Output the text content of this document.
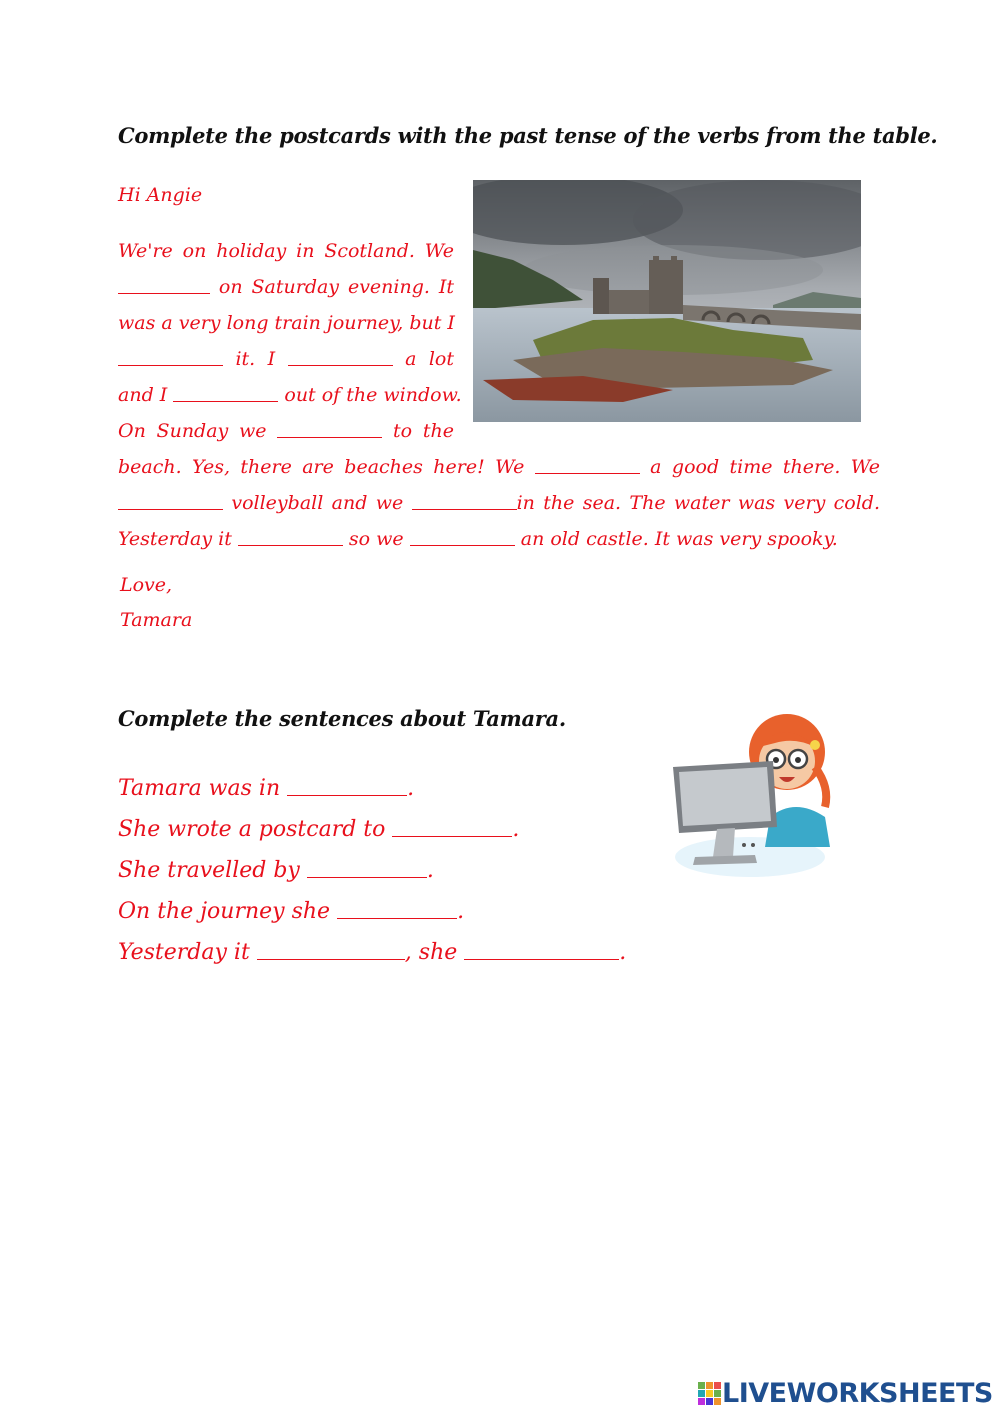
Complete the postcards with the past tense of the verbs from the table.
Hi Angie
We're on holiday in Scotland. We
on Saturday evening. It
was a very long train journey, but I
it. I	a lot
and I	out of the window.
On Sunday we	to the
beach. Yes, there are beaches here! We	a good time there. We
volleyball and we	in the sea. The water was very cold.
Yesterday it	so we	an old castle. It was very spooky.
Love,
Tamara
Complete the sentences about Tamara.
Tamara was in	.
She wrote a postcard to	.
She travelled by	.
On the journey she	.
Yesterday it	, she	.
LIVEWORKSHEETS
